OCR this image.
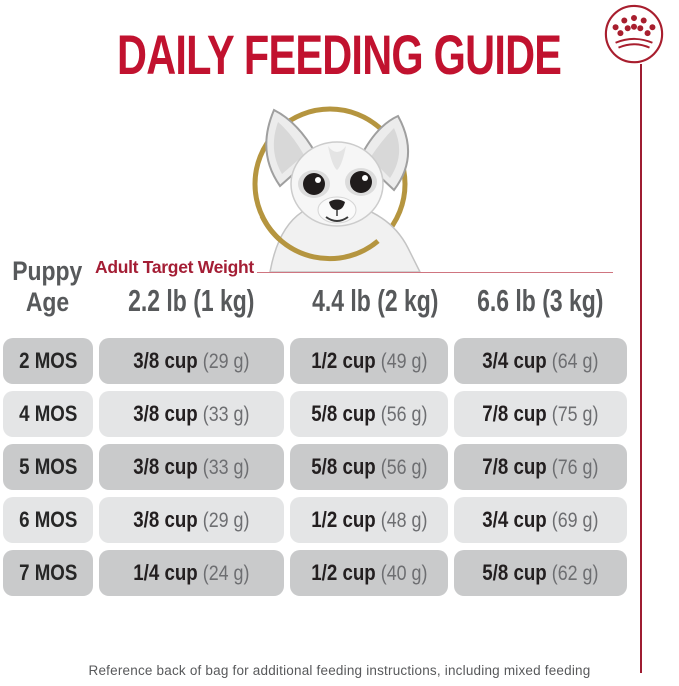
DAILY FEEDING GUIDE
Puppy
Age
Adult Target Weight
2.2 lb (1 kg)	4.4 lb (2 kg)	6.6 lb (3 kg)
2 MOS	3/8 cup (29 g)	1/2 cup (49 g)	3/4 cup (64 g)
4 MOS	3/8 cup (33 g)	5/8 cup (56 g)	7/8 cup (75 g)
5 MOS	3/8 cup (33 g)	5/8 cup (56 g)	7/8 cup (76 g)
6 MOS	3/8 cup (29 g)	1/2 cup (48 g)	3/4 cup (69 g)
7 MOS	1/4 cup (24 g)	1/2 cup (40 g)	5/8 cup (62 g)
Reference back of bag for additional feeding instructions, including mixed feeding
